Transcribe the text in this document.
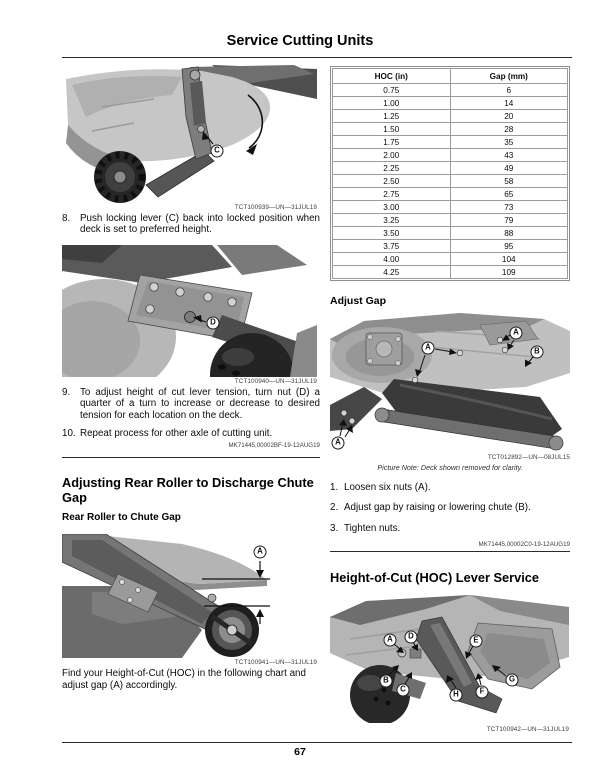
Service Cutting Units
C
TCT100939—UN—31JUL19
8.	Push locking lever (C) back into locked position when deck is set to preferred height.
D
TCT100940—UN—31JUL19
9.	To adjust height of cut lever tension, turn nut (D) a quarter of a turn to increase or decrease to desired tension for each location on the deck.
10. Repeat process for other axle of cutting unit.
MK71445,00002BF-19-12AUG19
Adjusting Rear Roller to Discharge Chute Gap
Rear Roller to Chute Gap
A
TCT100941—UN—31JUL19
Find your Height-of-Cut (HOC) in the following chart and adjust gap (A) accordingly.
HOC (in)	Gap (mm)
0.75	6
1.00	14
1.25	20
1.50	28
1.75	35
2.00	43
2.25	49
2.50	58
2.75	65
3.00	73
3.25	79
3.50	88
3.75	95
4.00	104
4.25	109
Adjust Gap
A
A
B
A
TCT012892—UN—08JUL15
Picture Note: Deck shown removed for clarity.
1. Loosen six nuts (A).
2. Adjust gap by raising or lowering chute (B).
3. Tighten nuts.
MK71445,00002C0-19-12AUG19
Height-of-Cut (HOC) Lever Service
A	D	E
B
C
H	F
G
TCT100942—UN—31JUL19
67
